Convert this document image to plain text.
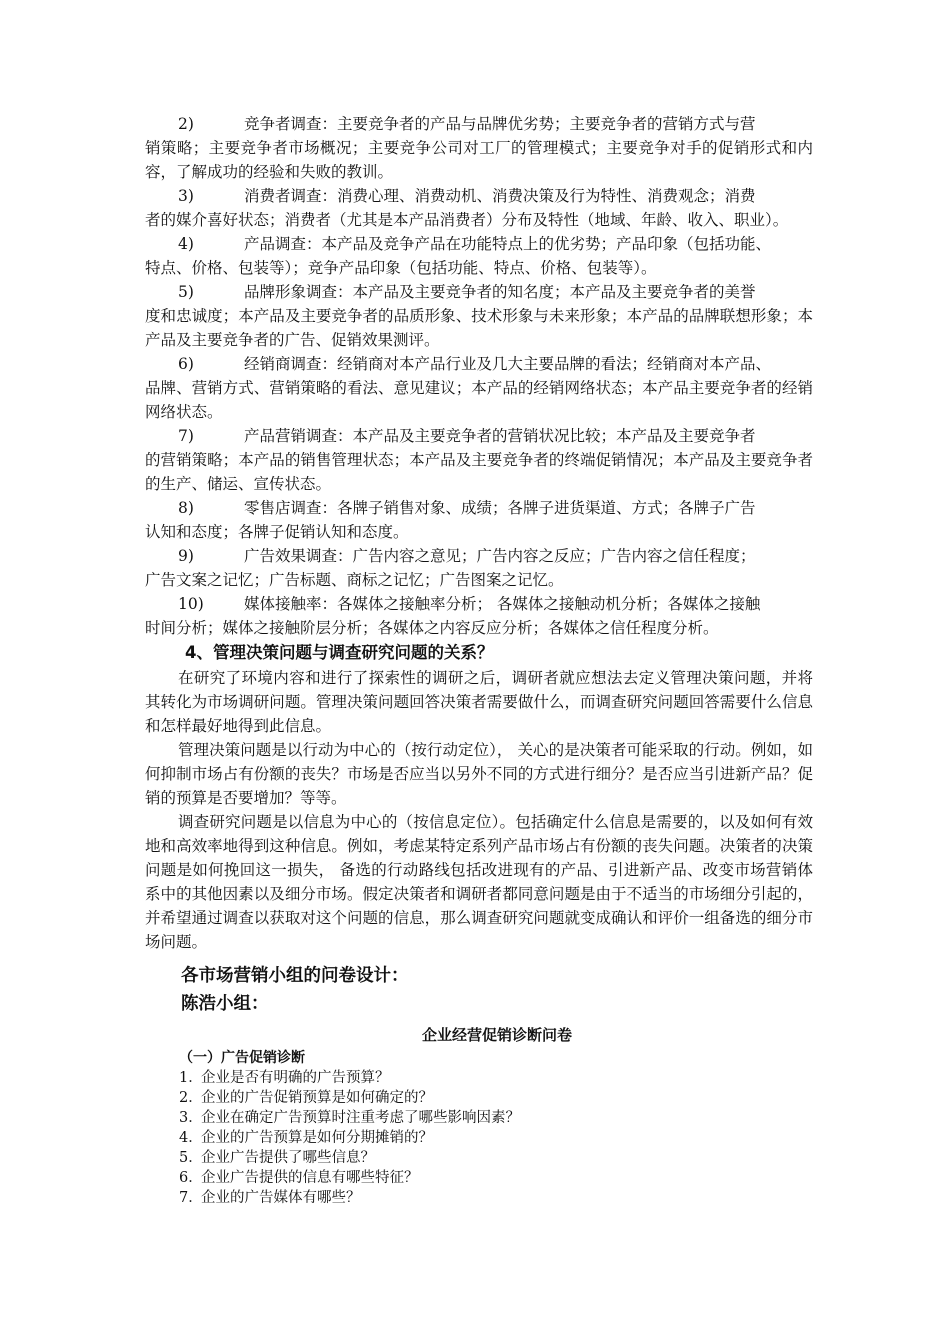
2)	竞争者调查：主要竞争者的产品与品牌优劣势；主要竞争者的营销方式与营
销策略；主要竞争者市场概况；主要竞争公司对工厂的管理模式；主要竞争对手的促销形式和内容，了解成功的经验和失败的教训。
3)	消费者调查：消费心理、消费动机、消费决策及行为特性、消费观念；消费
者的媒介喜好状态；消费者（尤其是本产品消费者）分布及特性（地域、年龄、收入、职业）。
4)	产品调查：本产品及竞争产品在功能特点上的优劣势；产品印象（包括功能、
特点、价格、包装等）；竞争产品印象（包括功能、特点、价格、包装等）。
5)	品牌形象调查：本产品及主要竞争者的知名度；本产品及主要竞争者的美誉
度和忠诚度；本产品及主要竞争者的品质形象、技术形象与未来形象；本产品的品牌联想形象；本产品及主要竞争者的广告、促销效果测评。
6)	经销商调查：经销商对本产品行业及几大主要品牌的看法；经销商对本产品、
品牌、营销方式、营销策略的看法、意见建议；本产品的经销网络状态；本产品主要竞争者的经销网络状态。
7)	产品营销调查：本产品及主要竞争者的营销状况比较；本产品及主要竞争者
的营销策略；本产品的销售管理状态；本产品及主要竞争者的终端促销情况；本产品及主要竞争者的生产、储运、宣传状态。
8)	零售店调查：各牌子销售对象、成绩；各牌子进货渠道、方式；各牌子广告
认知和态度；各牌子促销认知和态度。
9)	广告效果调查：广告内容之意见；广告内容之反应；广告内容之信任程度；
广告文案之记忆；广告标题、商标之记忆；广告图案之记忆。
10)	媒体接触率：各媒体之接触率分析； 各媒体之接触动机分析；各媒体之接触
时间分析；媒体之接触阶层分析；各媒体之内容反应分析；各媒体之信任程度分析。
4、管理决策问题与调查研究问题的关系？

在研究了环境内容和进行了探索性的调研之后，调研者就应想法去定义管理决策问题，并将其转化为市场调研问题。管理决策问题回答决策者需要做什么，而调查研究问题回答需要什么信息和怎样最好地得到此信息。

管理决策问题是以行动为中心的（按行动定位）， 关心的是决策者可能采取的行动。例如，如何抑制市场占有份额的丧失？市场是否应当以另外不同的方式进行细分？是否应当引进新产品？促销的预算是否要增加？等等。

调查研究问题是以信息为中心的（按信息定位）。包括确定什么信息是需要的，以及如何有效地和高效率地得到这种信息。例如，考虑某特定系列产品市场占有份额的丧失问题。决策者的决策问题是如何挽回这一损失， 备选的行动路线包括改进现有的产品、引进新产品、改变市场营销体系中的其他因素以及细分市场。假定决策者和调研者都同意问题是由于不适当的市场细分引起的，并希望通过调查以获取对这个问题的信息，那么调查研究问题就变成确认和评价一组备选的细分市场问题。

各市场营销小组的问卷设计：
陈浩小组：
企业经营促销诊断问卷
（一）广告促销诊断

1．企业是否有明确的广告预算？

2．企业的广告促销预算是如何确定的？

3．企业在确定广告预算时注重考虑了哪些影响因素？

4．企业的广告预算是如何分期摊销的？

5．企业广告提供了哪些信息？

6．企业广告提供的信息有哪些特征？

7．企业的广告媒体有哪些？
